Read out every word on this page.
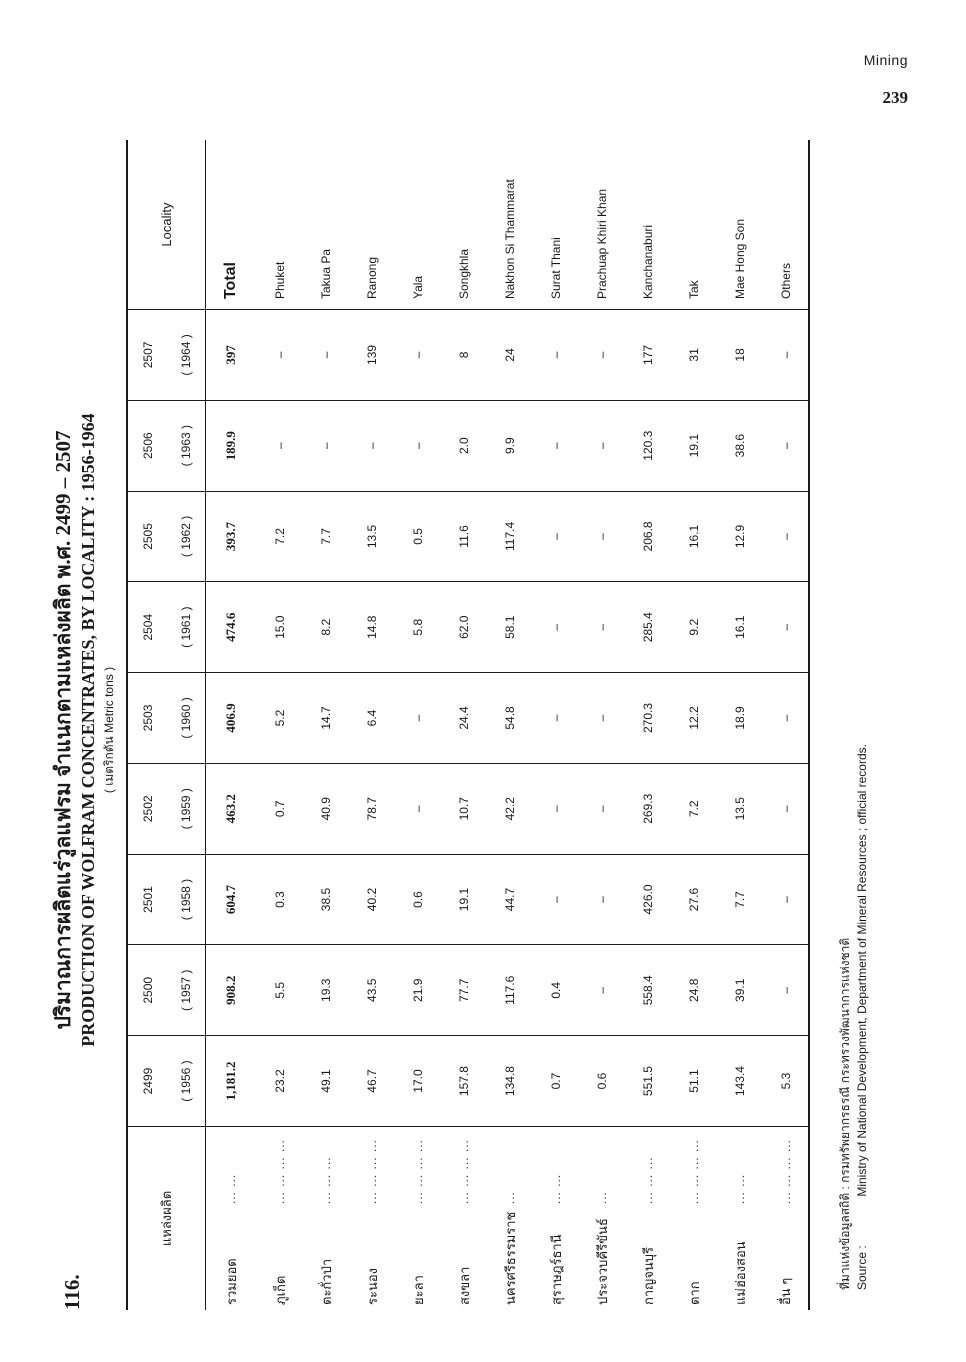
Mining
239
116.
ปริมาณการผลิตแร่วูลแฟรม จำแนกตามแหล่งผลิต พ.ศ. 2499 – 2507 PRODUCTION OF WOLFRAM CONCENTRATES, BY LOCALITY : 1956-1964 ( เมตริกตัน Metric tons )
แหล่งผลิต		2499	2500	2501	2502	2503	2504	2505	2506	2507	Locality
		( 1956 )	( 1957 )	( 1958 )	( 1959 )	( 1960 )	( 1961 )	( 1962 )	( 1963 )	( 1964 )	
รวมยอด	... ...	1,181.2	908.2	604.7	463.2	406.9	474.6	393.7	189.9	397	Total
ภูเก็ต	... ... ... ...	23.2	5.5	0.3	0.7	5.2	15.0	7.2	–	–	Phuket
ตะกั่วป่า	... ... ...	49.1	19.3	38.5	40.9	14.7	8.2	7.7	–	–	Takua Pa
ระนอง	... ... ... ...	46.7	43.5	40.2	78.7	6.4	14.8	13.5	–	139	Ranong
ยะลา	... ... ... ...	17.0	21.9	0.6	–	–	5.8	0.5	–	–	Yala
สงขลา	... ... ... ...	157.8	77.7	19.1	10.7	24.4	62.0	11.6	2.0	8	Songkhla
นครศรีธรรมราช	...	134.8	117.6	44.7	42.2	54.8	58.1	117.4	9.9	24	Nakhon Si Thammarat
สุราษฎร์ธานี	... ...	0.7	0.4	–	–	–	–	–	–	–	Surat Thani
ประจวบคีรีขันธ์	...	0.6	–	–	–	–	–	–	–	–	Prachuap Khiri Khan
กาญจนบุรี	... ... ...	551.5	558.4	426.0	269.3	270.3	285.4	206.8	120.3	177	Kanchanaburi
ตาก	... ... ... ...	51.1	24.8	27.6	7.2	12.2	9.2	16.1	19.1	31	Tak
แม่ฮ่องสอน	... ...	143.4	39.1	7.7	13.5	18.9	16.1	12.9	38.6	18	Mae Hong Son
อื่น ๆ	... ... ... ...	5.3	–	–	–	–	–	–	–	–	Others
ที่มาแห่งข้อมูลสถิติ : กรมทรัพยากรธรณี กระทรวงพัฒนาการแห่งชาติ
Source : Ministry of National Development, Department of Mineral Resources ; official records.
